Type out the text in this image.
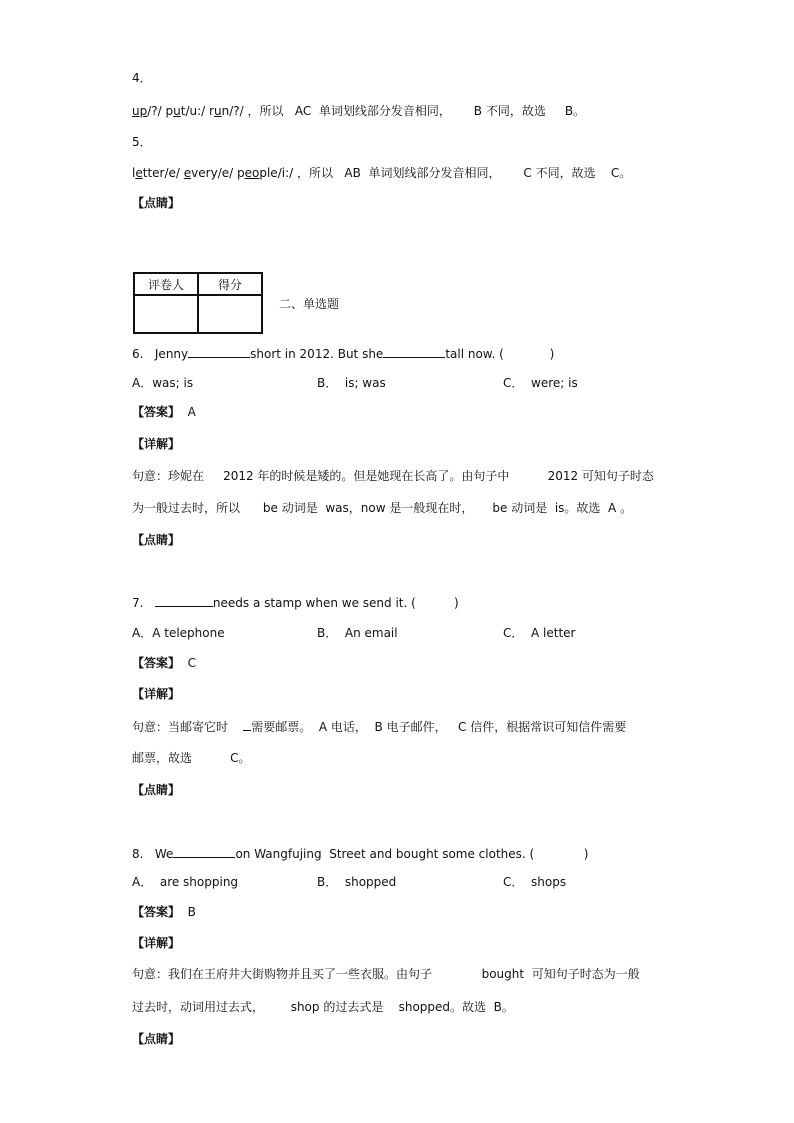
4．
up/?/ put/u:/ run/?/ ，所以   AC  单词划线部分发音相同，      B 不同，故选     B。
5．
letter/e/ every/e/ people/i:/ ，所以   AB  单词划线部分发音相同，      C 不同，故选    C。
【点睛】
评卷人	得分

二、单选题
6.   Jenny	short in 2012. But she	tall now. (            )
A．was; is	B．  is; was	C．  were; is
【答案】 A
【详解】
句意：珍妮在     2012 年的时候是矮的。但是她现在长高了。由句子中          2012 可知句子时态
为一般过去时，所以      be 动词是  was，now 是一般现在时，     be 动词是  is。故选  A 。
【点睛】
7.	needs a stamp when we send it. (          )
A．A telephone	B．  An email	C．  A letter
【答案】 C
【详解】
句意：当邮寄它时    需要邮票。  A 电话，  B 电子邮件，   C 信件，根据常识可知信件需要
邮票，故选          C。
【点睛】
8.   We	on Wangfujing  Street and bought some clothes. (             )
A．  are shopping	B．  shopped	C．  shops
【答案】 B
【详解】
句意：我们在王府井大街购物并且买了一些衣服。由句子             bought  可知句子时态为一般
过去时，动词用过去式，       shop 的过去式是    shopped。故选  B。
【点睛】
